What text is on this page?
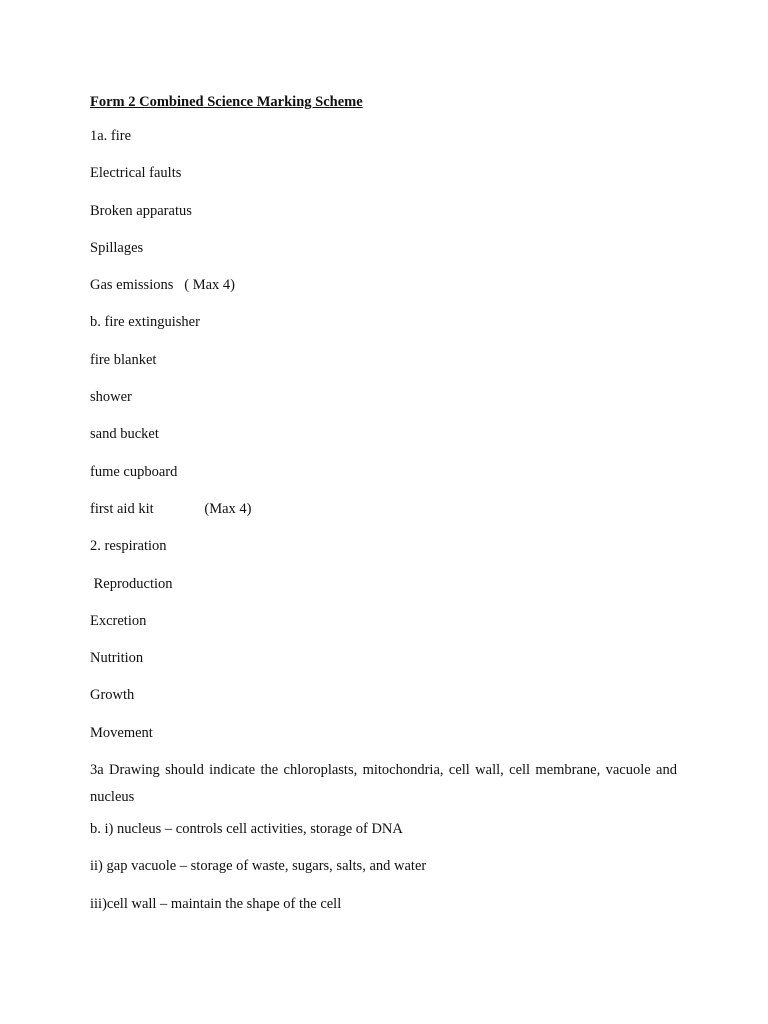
Form 2 Combined Science Marking Scheme
1a. fire
Electrical faults
Broken apparatus
Spillages
Gas emissions   ( Max 4)
b. fire extinguisher
fire blanket
shower
sand bucket
fume cupboard
first aid kit              (Max 4)
2. respiration
Reproduction
Excretion
Nutrition
Growth
Movement
3a Drawing should indicate the chloroplasts, mitochondria, cell wall, cell membrane, vacuole and nucleus
b. i) nucleus – controls cell activities, storage of DNA
ii) gap vacuole – storage of waste, sugars, salts, and water
iii)cell wall – maintain the shape of the cell
